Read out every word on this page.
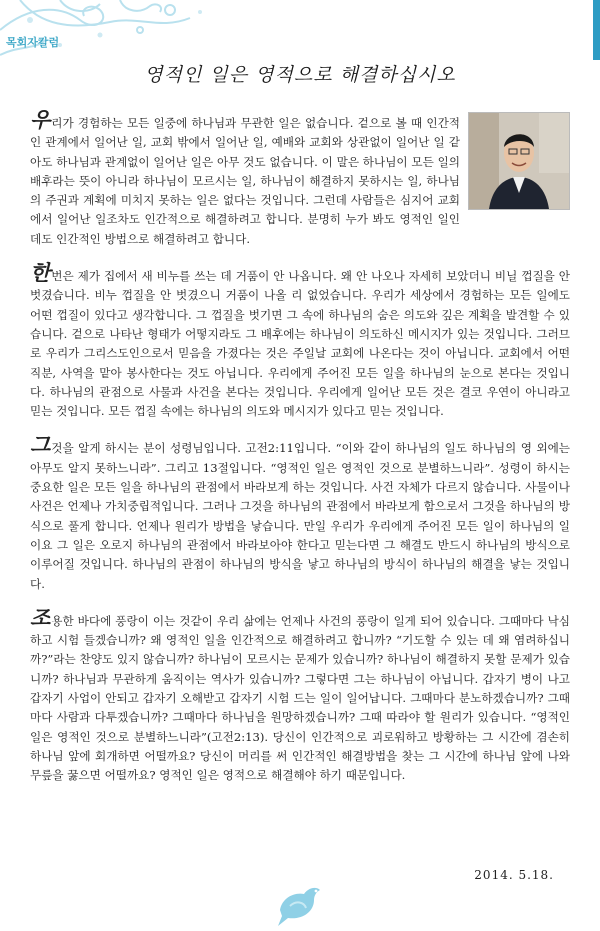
목회자칼럼
영적인 일은 영적으로 해결하십시오

우리가 경험하는 모든 일중에 하나님과 무관한 일은 없습니다. 겉으로 볼 때 인간적인 관계에서 일어난 일, 교회 밖에서 일어난 일, 예배와 교회와 상관없이 일어난 일 같아도 하나님과 관계없이 일어난 일은 아무 것도 없습니다. 이 말은 하나님이 모든 일의 배후라는 뜻이 아니라 하나님이 모르시는 일, 하나님이 해결하지 못하시는 일, 하나님의 주권과 계획에 미치지 못하는 일은 없다는 것입니다. 그런데 사람들은 심지어 교회에서 일어난 일조차도 인간적으로 해결하려고 합니다. 분명히 누가 봐도 영적인 일인데도 인간적인 방법으로 해결하려고 합니다.

한번은 제가 집에서 새 비누를 쓰는 데 거품이 안 나옵니다. 왜 안 나오나 자세히 보았더니 비닐 껍질을 안 벗겼습니다. 비누 껍질을 안 벗겼으니 거품이 나올 리 없었습니다. 우리가 세상에서 경험하는 모든 일에도 어떤 껍질이 있다고 생각합니다. 그 껍질을 벗기면 그 속에 하나님의 숨은 의도와 깊은 계획을 발견할 수 있습니다. 겉으로 나타난 형태가 어떻지라도 그 배후에는 하나님이 의도하신 메시지가 있는 것입니다. 그러므로 우리가 그리스도인으로서 믿음을 가졌다는 것은 주일날 교회에 나온다는 것이 아닙니다. 교회에서 어떤 직분, 사역을 맡아 봉사한다는 것도 아닙니다. 우리에게 주어진 모든 일을 하나님의 눈으로 본다는 것입니다. 하나님의 관점으로 사물과 사건을 본다는 것입니다. 우리에게 일어난 모든 것은 결코 우연이 아니라고 믿는 것입니다. 모든 껍질 속에는 하나님의 의도와 메시지가 있다고 믿는 것입니다.

그것을 알게 하시는 분이 성령님입니다. 고전2:11입니다. “이와 같이 하나님의 일도 하나님의 영 외에는 아무도 알지 못하느니라”. 그리고 13절입니다. “영적인 일은 영적인 것으로 분별하느니라”. 성령이 하시는 중요한 일은 모든 일을 하나님의 관점에서 바라보게 하는 것입니다. 사건 자체가 다르지 않습니다. 사물이나 사건은 언제나 가치중립적입니다. 그러나 그것을 하나님의 관점에서 바라보게 함으로서 그것을 하나님의 방식으로 풀게 합니다. 언제나 원리가 방법을 낳습니다. 만일 우리가 우리에게 주어진 모든 일이 하나님의 일이요 그 일은 오로지 하나님의 관점에서 바라보아야 한다고 믿는다면 그 해결도 반드시 하나님의 방식으로 이루어질 것입니다. 하나님의 관점이 하나님의 방식을 낳고 하나님의 방식이 하나님의 해결을 낳는 것입니다.

조용한 바다에 풍랑이 이는 것같이 우리 삶에는 언제나 사건의 풍랑이 일게 되어 있습니다. 그때마다 낙심하고 시험 들겠습니까? 왜 영적인 일을 인간적으로 해결하려고 합니까? “기도할 수 있는 데 왜 염려하십니까?”라는 찬양도 있지 않습니까? 하나님이 모르시는 문제가 있습니까? 하나님이 해결하지 못할 문제가 있습니까? 하나님과 무관하게 움직이는 역사가 있습니까? 그렇다면 그는 하나님이 아닙니다. 갑자기 병이 나고 갑자기 사업이 안되고 갑자기 오해받고 갑자기 시험 드는 일이 일어납니다. 그때마다 분노하겠습니까? 그때마다 사람과 다투겠습니까? 그때마다 하나님을 원망하겠습니까? 그때 따라야 할 원리가 있습니다. “영적인 일은 영적인 것으로 분별하느니라”(고전2:13). 당신이 인간적으로 괴로워하고 방황하는 그 시간에 겸손히 하나님 앞에 회개하면 어떨까요? 당신이 머리를 써 인간적인 해결방법을 찾는 그 시간에 하나님 앞에 나와 무릎을 꿇으면 어떨까요? 영적인 일은 영적으로 해결해야 하기 때문입니다.

2014. 5.18.
